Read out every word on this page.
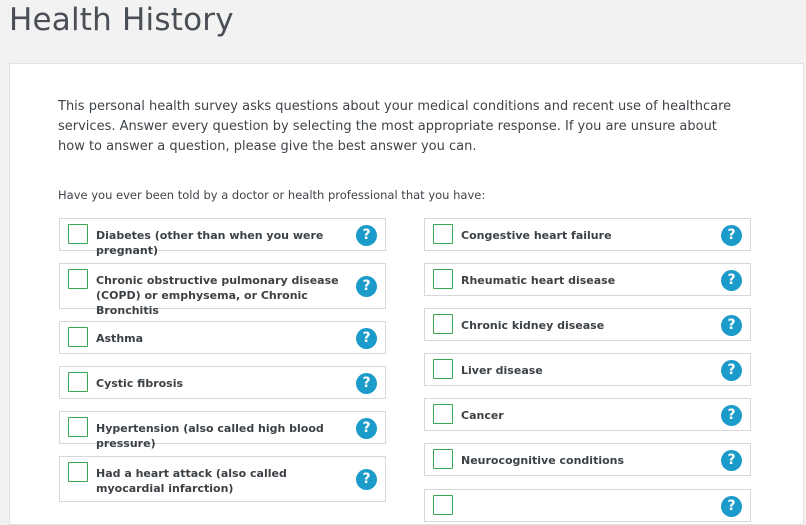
Health History
This personal health survey asks questions about your medical conditions and recent use of healthcare services. Answer every question by selecting the most appropriate response. If you are unsure about how to answer a question, please give the best answer you can.
Have you ever been told by a doctor or health professional that you have:
Diabetes (other than when you were pregnant)
?
Chronic obstructive pulmonary disease (COPD) or emphysema, or Chronic Bronchitis
?
Asthma	?
Cystic fibrosis	?
Hypertension (also called high blood pressure)
?
Had a heart attack (also called myocardial infarction)
?
Congestive heart failure	?
Rheumatic heart disease	?
Chronic kidney disease	?
Liver disease	?
Cancer	?
Neurocognitive conditions	?
?
